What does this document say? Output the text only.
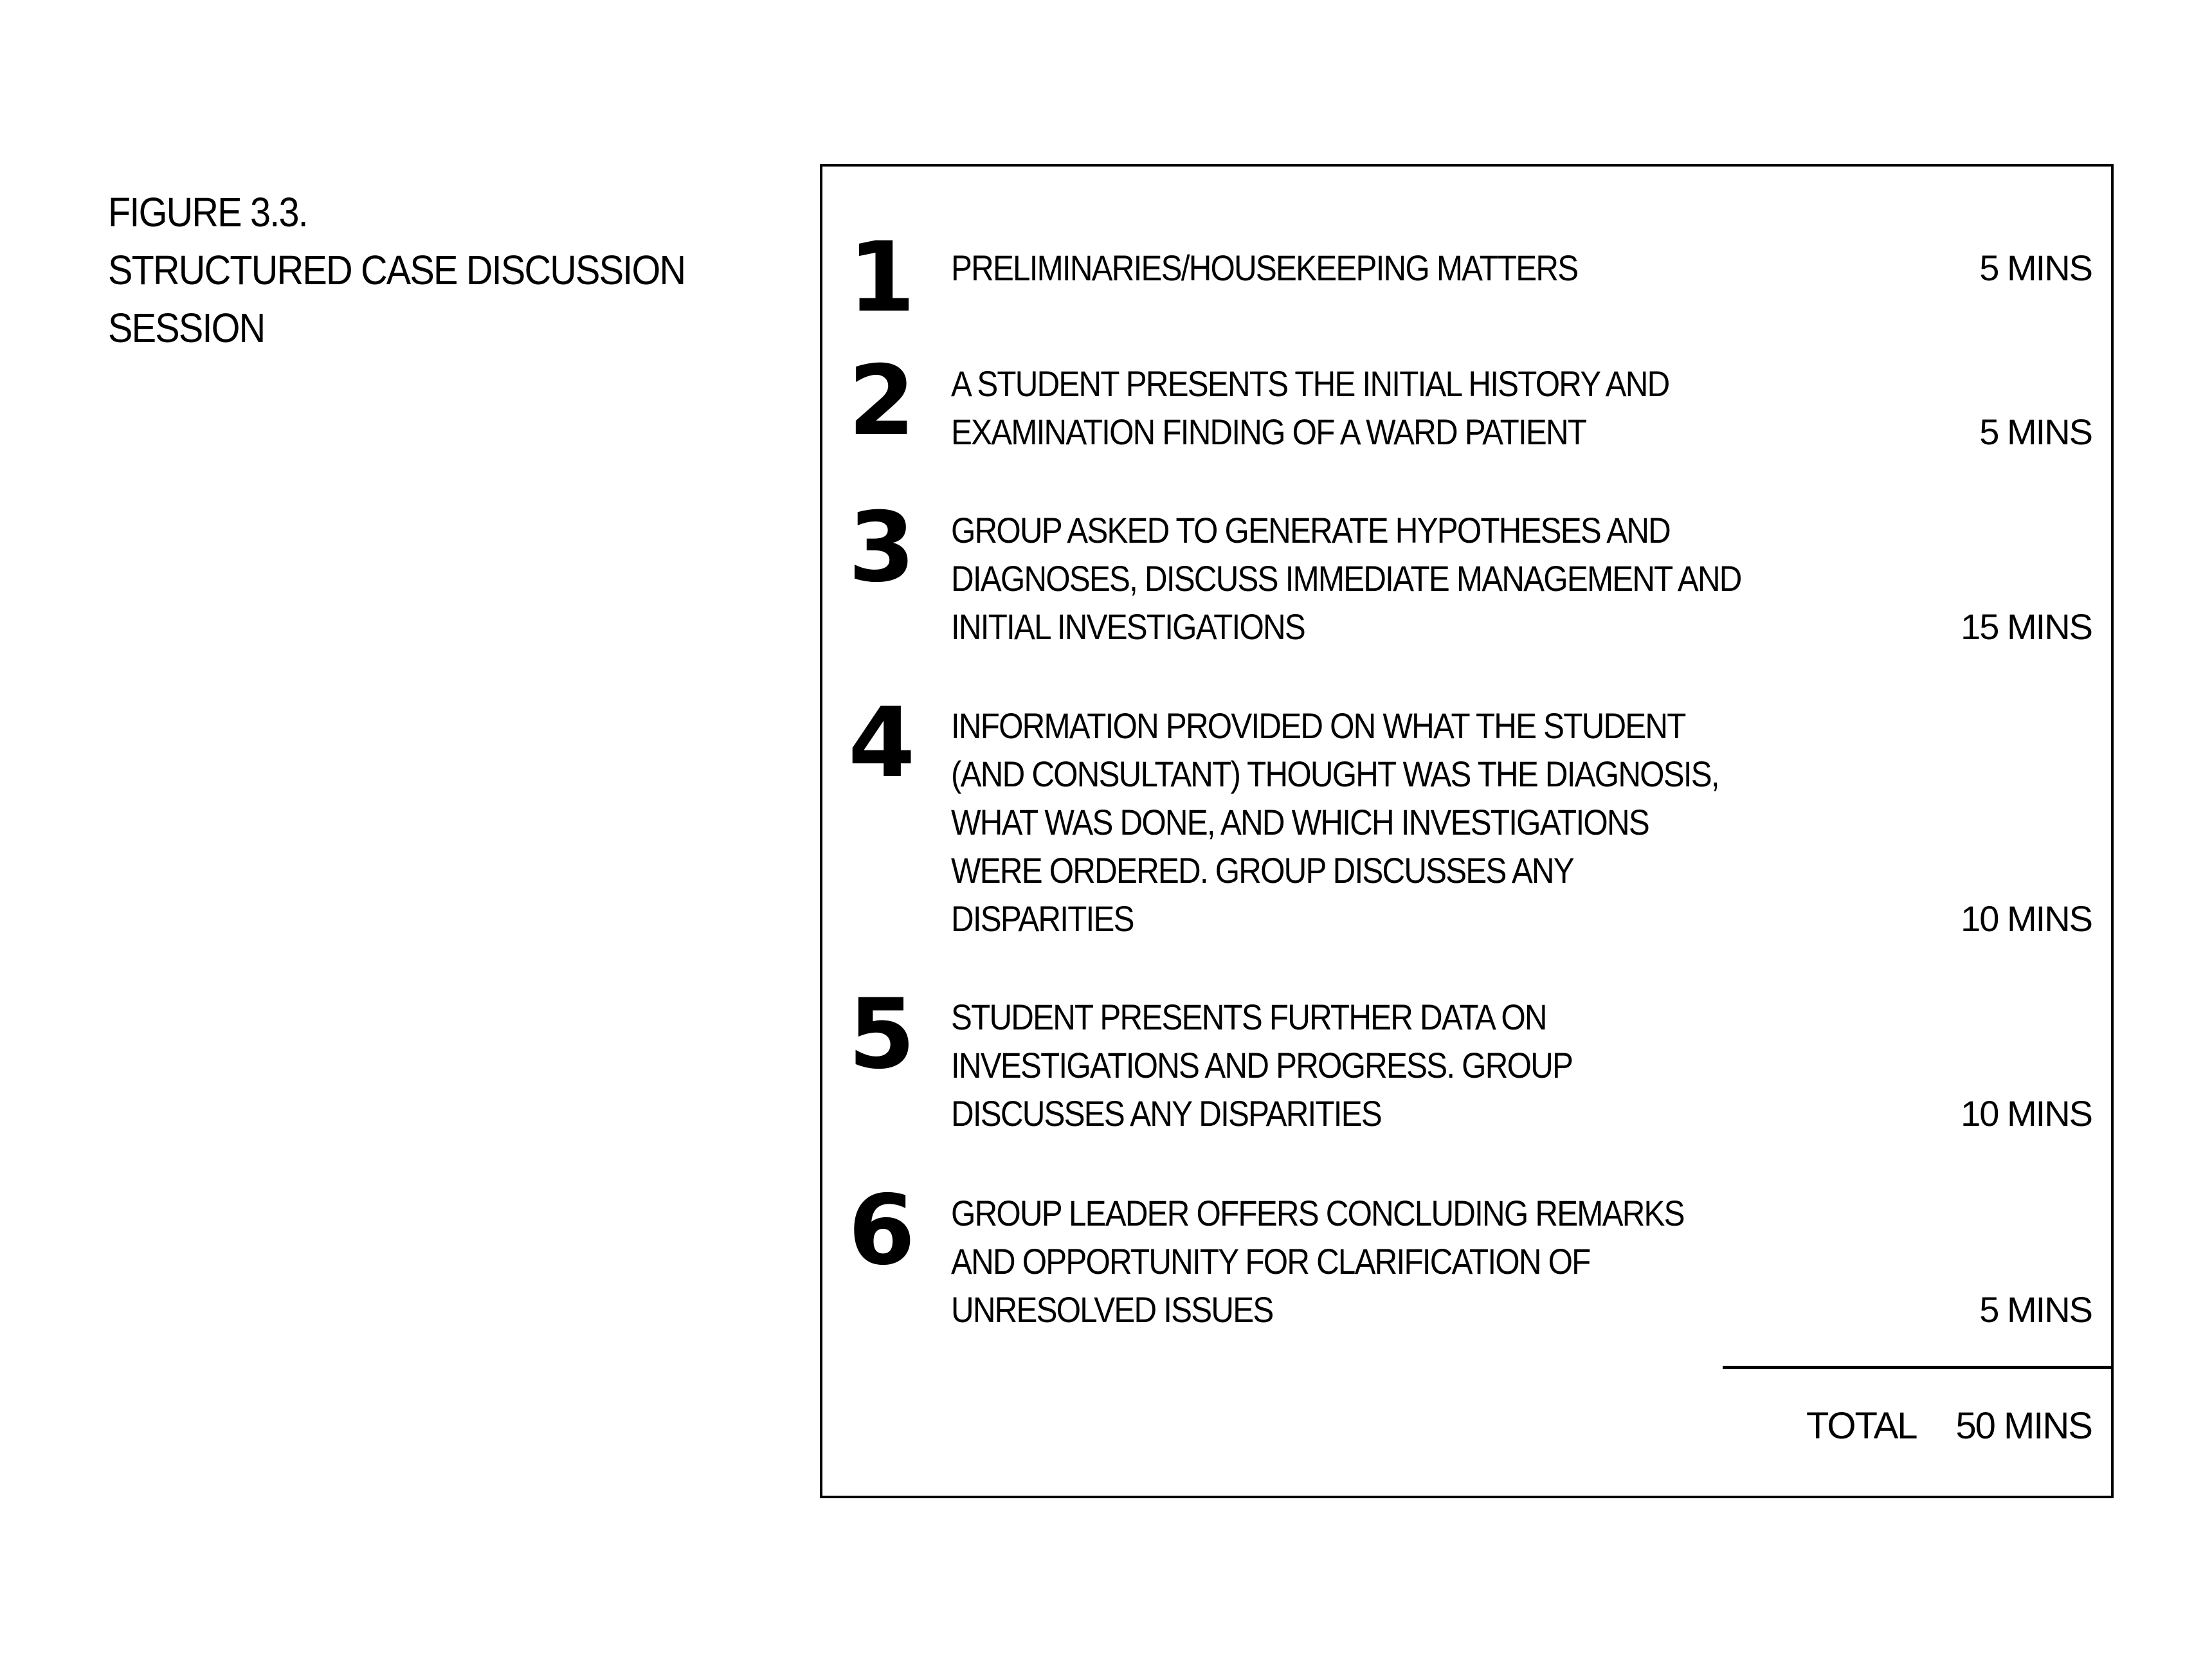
FIGURE 3.3.
STRUCTURED CASE DISCUSSION
SESSION	1 PRELIMINARIES/HOUSEKEEPING MATTERS	5 MINS
2 A STUDENT PRESENTS THE INITIAL HISTORY AND
EXAMINATION FINDING OF A WARD PATIENT	5 MINS
3 GROUP ASKED TO GENERATE HYPOTHESES AND
DIAGNOSES, DISCUSS IMMEDIATE MANAGEMENT AND
INITIAL INVESTIGATIONS	15 MINS
4 INFORMATION PROVIDED ON WHAT THE STUDENT
(AND CONSULTANT) THOUGHT WAS THE DIAGNOSIS,
WHAT WAS DONE, AND WHICH INVESTIGATIONS
WERE ORDERED. GROUP DISCUSSES ANY
DISPARITIES	10 MINS
5 STUDENT PRESENTS FURTHER DATA ON
INVESTIGATIONS AND PROGRESS. GROUP
DISCUSSES ANY DISPARITIES	10 MINS
6 GROUP LEADER OFFERS CONCLUDING REMARKS
AND OPPORTUNITY FOR CLARIFICATION OF
UNRESOLVED ISSUES	5 MINS
TOTAL 50 MINS
